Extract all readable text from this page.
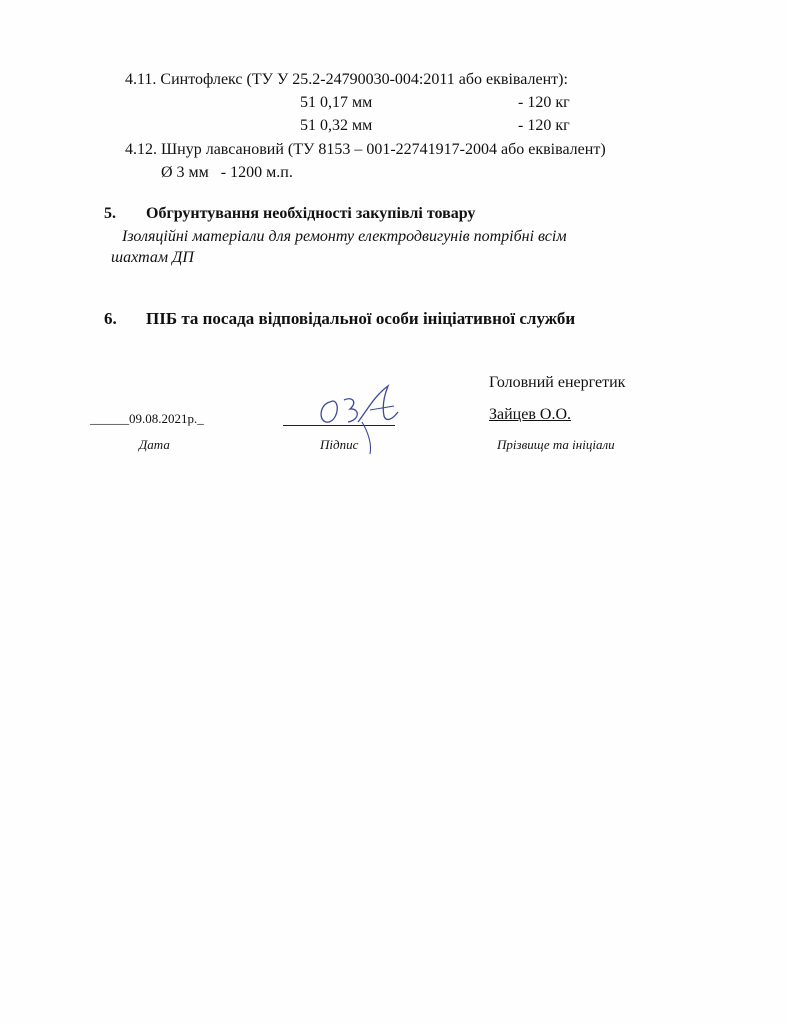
4.11. Синтофлекс (ТУ У 25.2-24790030-004:2011 або еквівалент):
51 0,17 мм	- 120 кг
51 0,32 мм	- 120 кг
4.12. Шнур лавсановий (ТУ 8153 – 001-22741917-2004 або еквівалент)
Ø 3 мм   - 1200 м.п.
5. Обгрунтування необхідності закупівлі товару
Ізоляційні матеріали для ремонту електродвигунів потрібні всім
шахтам ДП
6. ПІБ та посада відповідальної особи ініціативної служби
Головний енергетик
______09.08.2021р._	Зайцев О.О.
Дата	Підпис	Прізвище та ініціали
